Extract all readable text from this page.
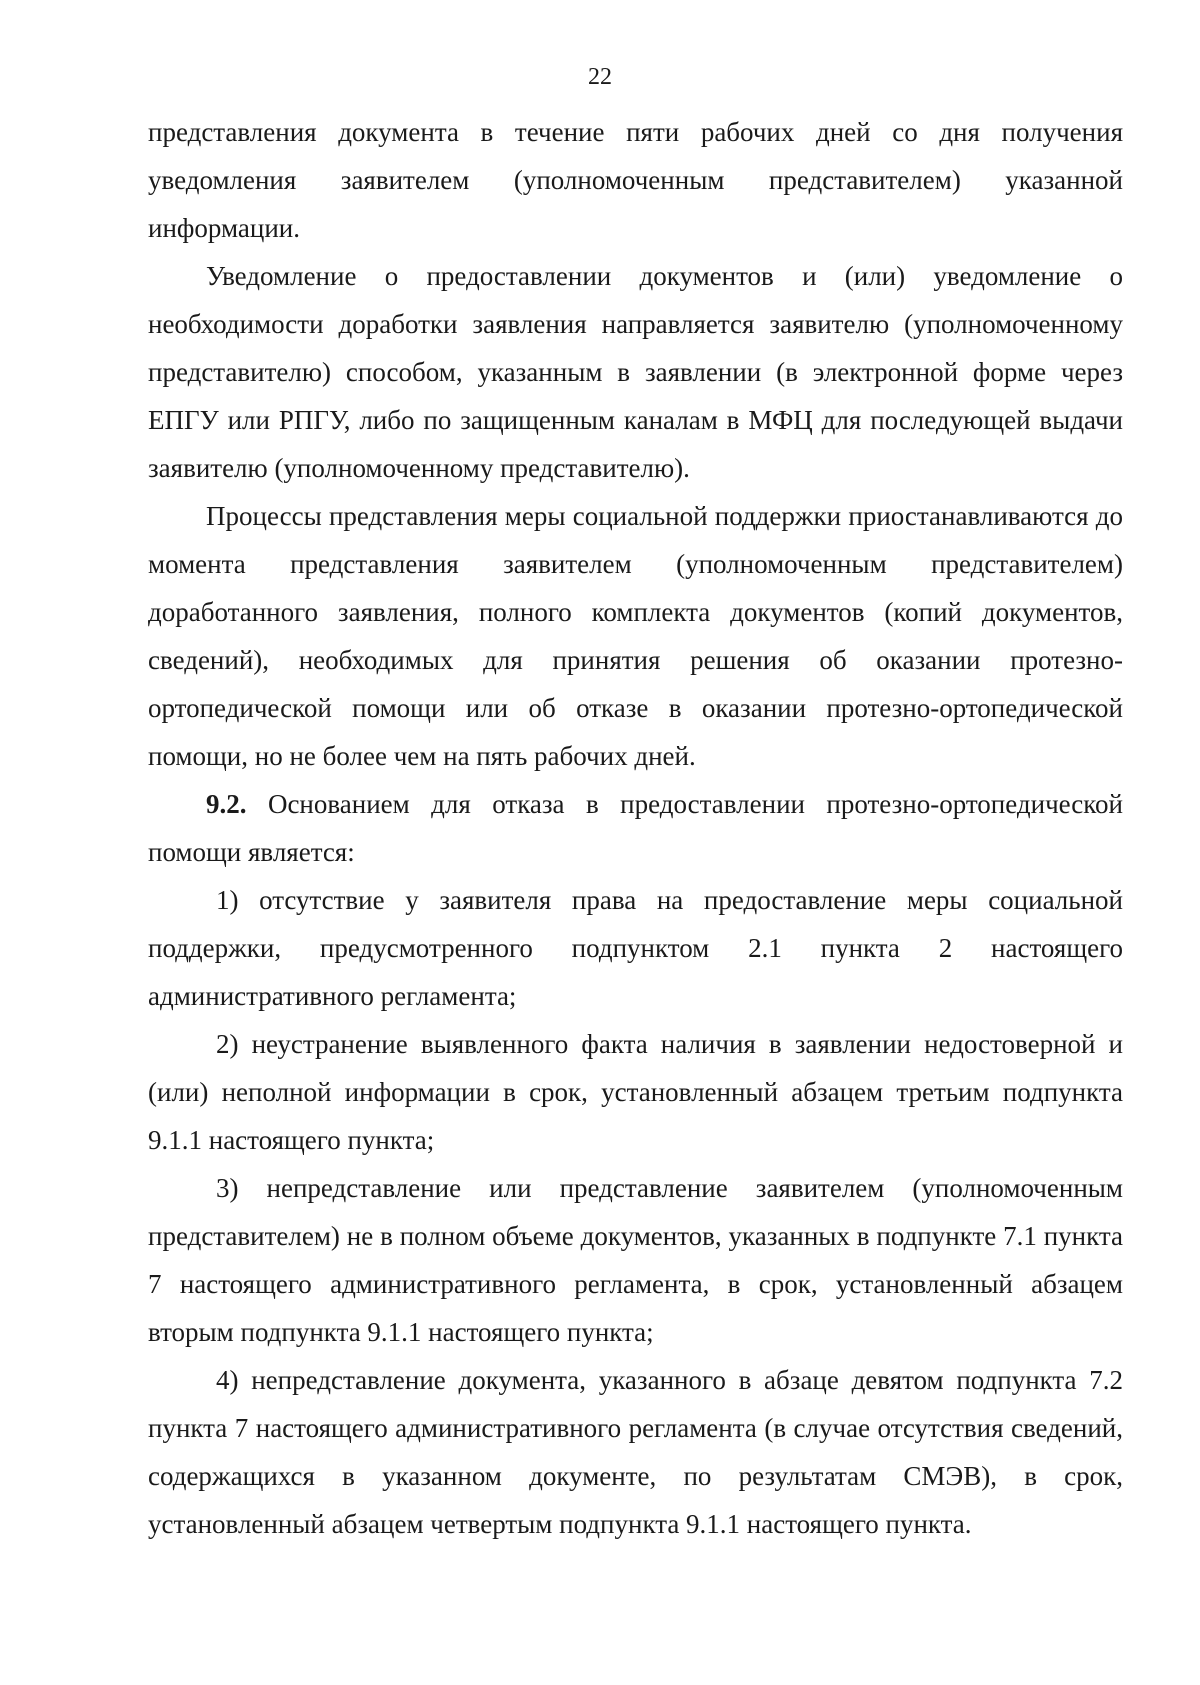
22

представления документа в течение пяти рабочих дней со дня получения уведомления заявителем (уполномоченным представителем) указанной информации.

Уведомление о предоставлении документов и (или) уведомление о необходимости доработки заявления направляется заявителю (уполномоченному представителю) способом, указанным в заявлении (в электронной форме через ЕПГУ или РПГУ, либо по защищенным каналам в МФЦ для последующей выдачи заявителю (уполномоченному представителю).

Процессы представления меры социальной поддержки приостанавливаются до момента представления заявителем (уполномоченным представителем) доработанного заявления, полного комплекта документов (копий документов, сведений), необходимых для принятия решения об оказании протезно-ортопедической помощи или об отказе в оказании протезно-ортопедической помощи, но не более чем на пять рабочих дней.

9.2. Основанием для отказа в предоставлении протезно-ортопедической помощи является:

1) отсутствие у заявителя права на предоставление меры социальной поддержки, предусмотренного подпунктом 2.1 пункта 2 настоящего административного регламента;

2) неустранение выявленного факта наличия в заявлении недостоверной и (или) неполной информации в срок, установленный абзацем третьим подпункта 9.1.1 настоящего пункта;

3) непредставление или представление заявителем (уполномоченным представителем) не в полном объеме документов, указанных в подпункте 7.1 пункта 7 настоящего административного регламента, в срок, установленный абзацем вторым подпункта 9.1.1 настоящего пункта;

4) непредставление документа, указанного в абзаце девятом подпункта 7.2 пункта 7 настоящего административного регламента (в случае отсутствия сведений, содержащихся в указанном документе, по результатам СМЭВ), в срок, установленный абзацем четвертым подпункта 9.1.1 настоящего пункта.
